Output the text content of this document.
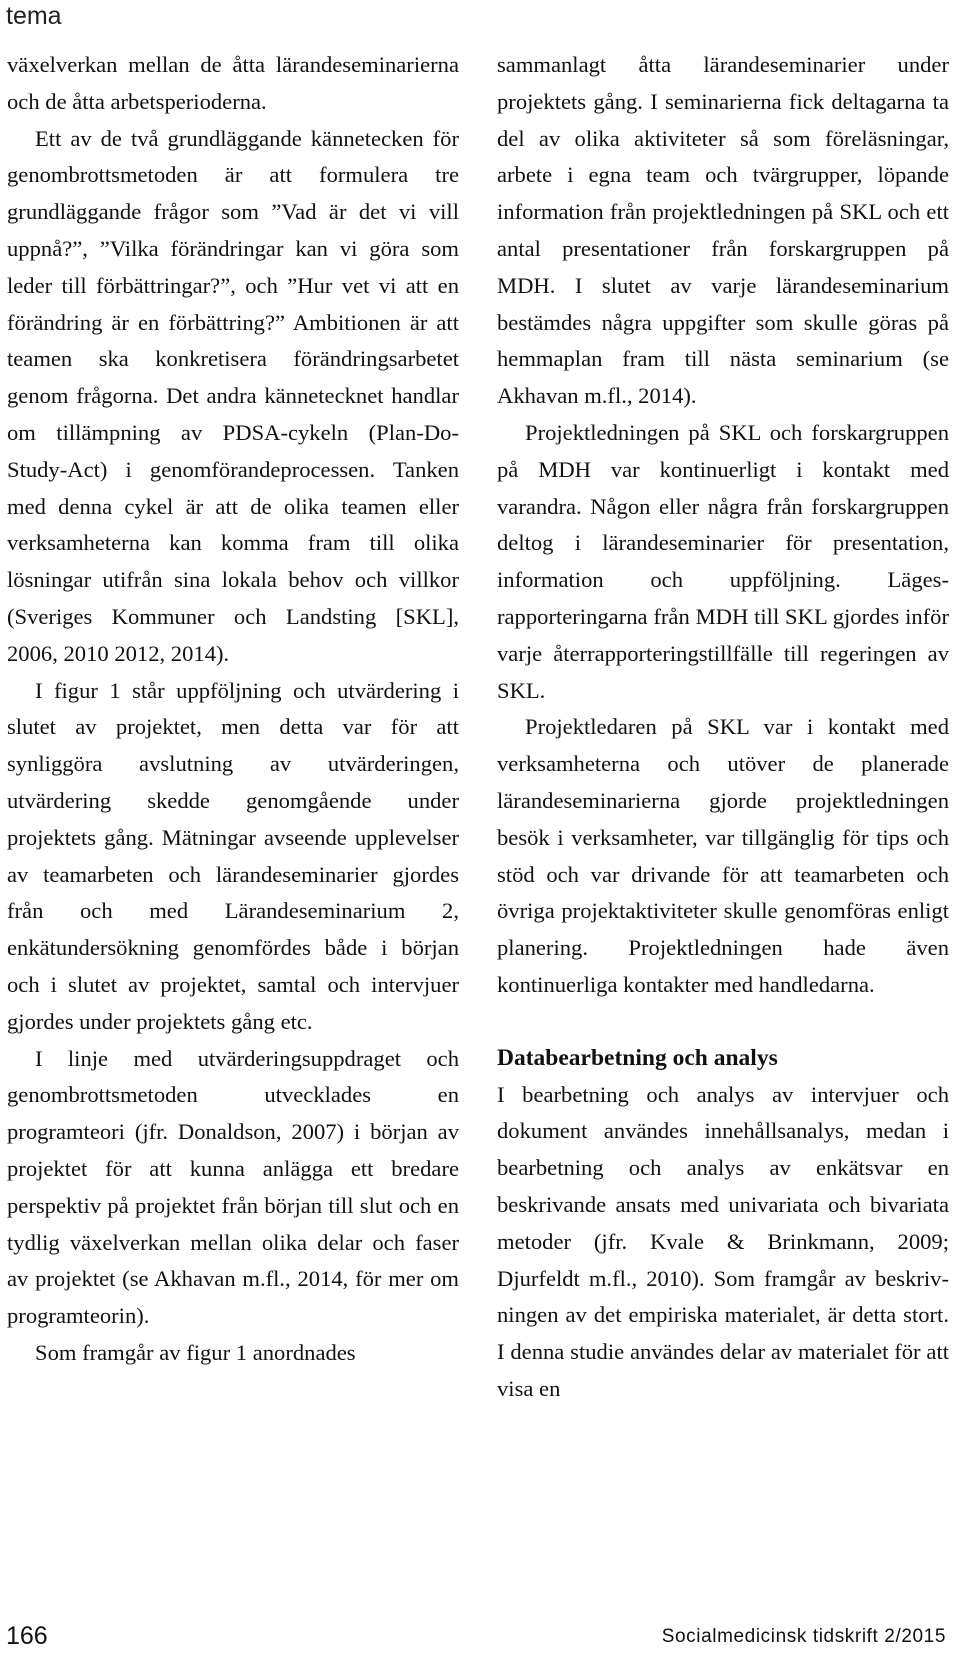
tema

växelverkan mellan de åtta lärandeseminarierna och de åtta arbetsperioderna.

Ett av de två grundläggande kännetecken för genombrottsmetoden är att formulera tre grundläggande frågor som ”Vad är det vi vill uppnå?”, ”Vilka förändringar kan vi göra som leder till förbättringar?”, och ”Hur vet vi att en förändring är en förbättring?” Ambitionen är att teamen ska konkretisera förändringsarbetet genom frågorna. Det andra kännetecknet handlar om tillämpning av PDSA-cykeln (Plan-Do-Study-Act) i genomförandeprocessen. Tanken med denna cykel är att de olika teamen eller verksamheterna kan komma fram till olika lösningar utifrån sina lokala behov och villkor (Sveriges Kommuner och Landsting [SKL], 2006, 2010 2012, 2014).

I figur 1 står uppföljning och utvärdering i slutet av projektet, men detta var för att synliggöra avslutning av utvärderingen, utvärdering skedde genomgående under projektets gång. Mätningar avseende upplevelser av teamarbeten och lärandeseminarier gjordes från och med Lärandeseminarium 2, enkätundersökning genomfördes både i början och i slutet av projektet, samtal och intervjuer gjordes under projektets gång etc.

I linje med utvärderingsuppdraget och genombrottsmetoden utvecklades en programteori (jfr. Donaldson, 2007) i början av projektet för att kunna anlägga ett bredare perspektiv på projektet från början till slut och en tydlig växelverkan mellan olika delar och faser av projektet (se Akhavan m.fl., 2014, för mer om programteorin).

Som framgår av figur 1 anordnades

sammanlagt åtta lärandeseminarier under projektets gång. I seminarierna fick deltagarna ta del av olika aktiviteter så som föreläsningar, arbete i egna team och tvärgrupper, löpande information från projektledningen på SKL och ett antal presentationer från forskargruppen på MDH. I slutet av varje lärandeseminarium bestämdes några uppgifter som skulle göras på hemmaplan fram till nästa seminarium (se Akhavan m.fl., 2014).

Projektledningen på SKL och forskargruppen på MDH var kontinuerligt i kontakt med varandra. Någon eller några från forskargruppen deltog i lärandeseminarier för presentation, information och uppföljning. Lägesrapporteringarna från MDH till SKL gjordes inför varje återrapporteringstillfälle till regeringen av SKL.

Projektledaren på SKL var i kontakt med verksamheterna och utöver de planerade lärandeseminarierna gjorde projektledningen besök i verksamheter, var tillgänglig för tips och stöd och var drivande för att teamarbeten och övriga projektaktiviteter skulle genomföras enligt planering. Projektledningen hade även kontinuerliga kontakter med handledarna.

Databearbetning och analys

I bearbetning och analys av intervjuer och dokument användes innehållsanalys, medan i bearbetning och analys av enkätsvar en beskrivande ansats med univariata och bivariata metoder (jfr. Kvale & Brinkmann, 2009; Djurfeldt m.fl., 2010). Som framgår av beskrivningen av det empiriska materialet, är detta stort. I denna studie användes delar av materialet för att visa en

166	Socialmedicinsk tidskrift 2/2015
